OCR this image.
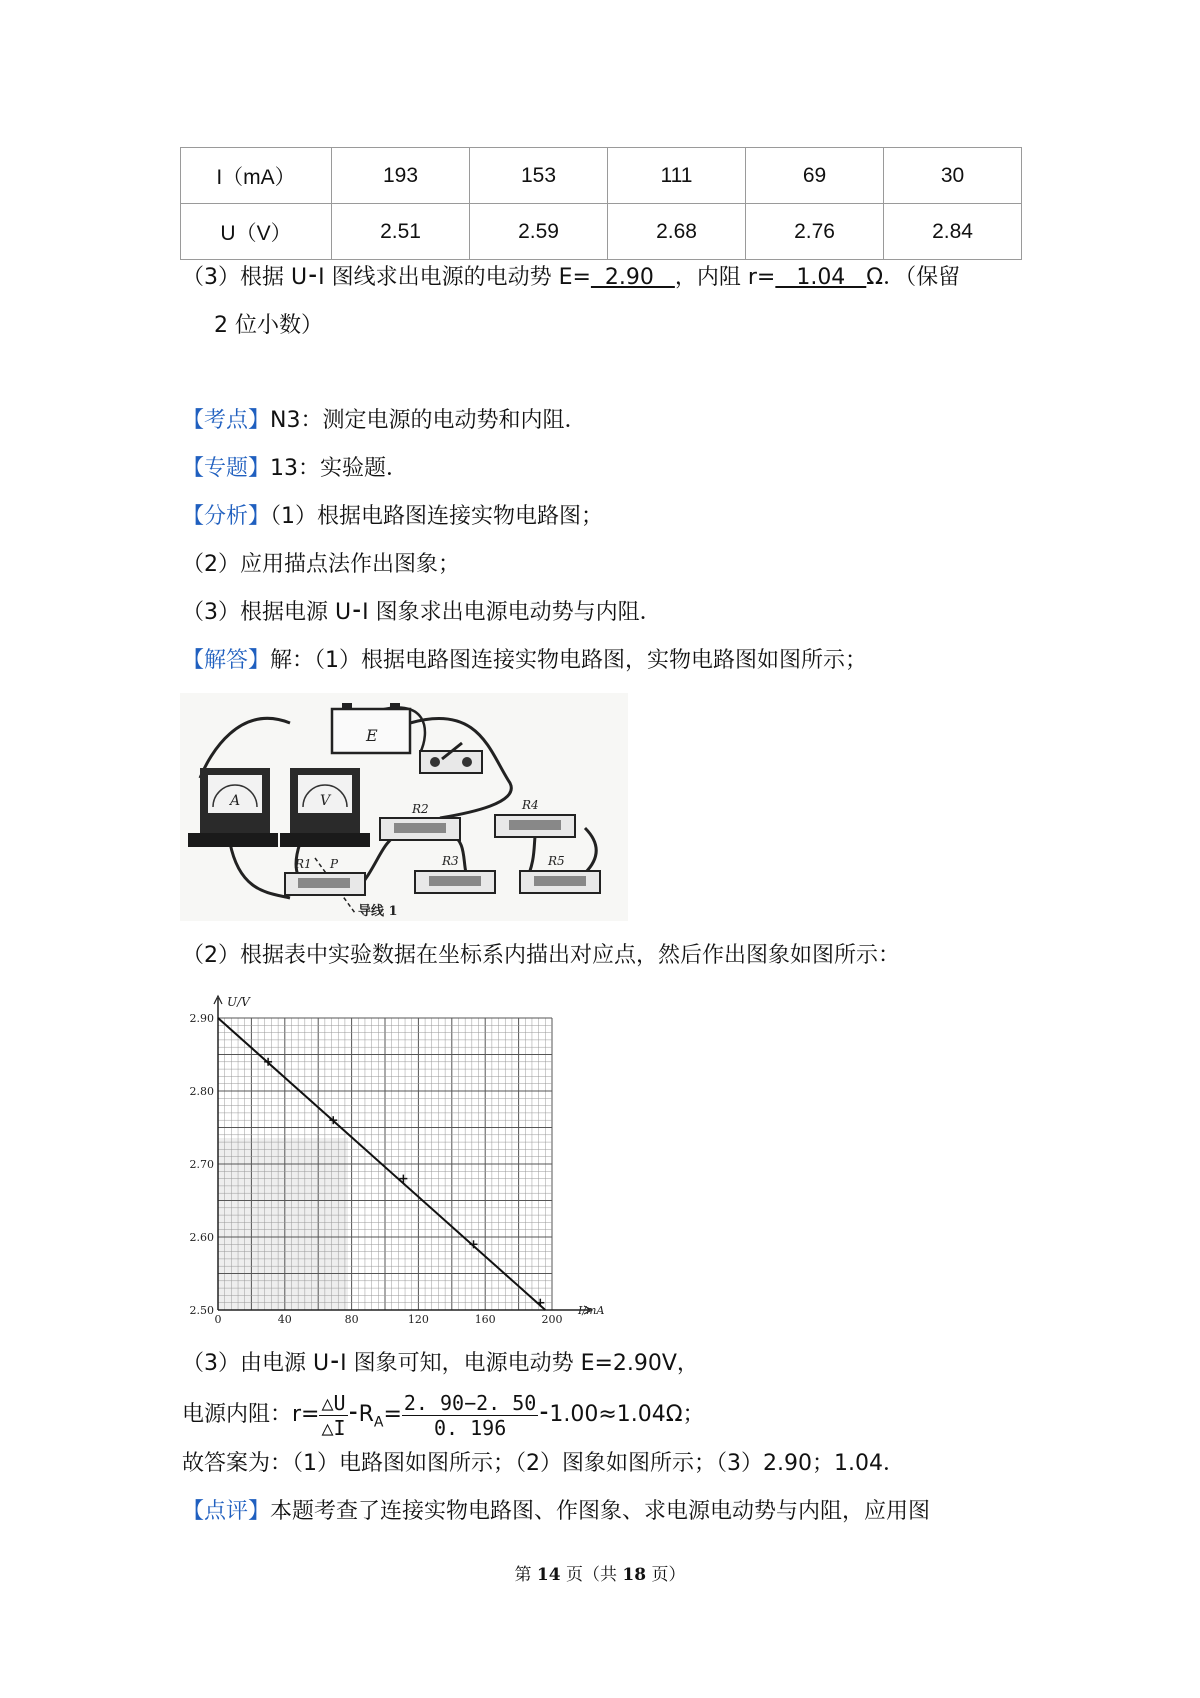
I（mA）	193	153	111	69	30
U（V）	2.51	2.59	2.68	2.76	2.84
（3）根据 U﻿⁃I 图线求出电源的电动势 E=  2.90   ，内阻 r=   1.04   Ω．（保留
2 位小数）
【考点】N3：测定电源的电动势和内阻．
【专题】13：实验题．
【分析】（1）根据电路图连接实物电路图；
（2）应用描点法作出图象；
（3）根据电源 U﻿⁃I 图象求出电源电动势与内阻．
【解答】解：（1）根据电路图连接实物电路图，实物电路图如图所示；
E
A	V
R1 P
R2
R3
R4
R5
导线 1
（2）根据表中实验数据在坐标系内描出对应点，然后作出图象如图所示：
0	40	80	120	160	200
2.90
2.80
2.70
2.60
2.50
U/V
I/mA
（3）由电源 U﻿⁃I 图象可知，电源电动势 E=2.90V，
电源内阻：$r= \frac{\triangle U}{\triangle I}$ $﻿⁃R_A= \frac{2. 90-2. 50}{0. 196}$ ﻿⁃1.00≈1.04Ω；
故答案为：（1）电路图如图所示；（2）图象如图所示；（3）2.90；1.04．
【点评】本题考查了连接实物电路图、作图象、求电源电动势与内阻，应用图
第 14 页（共 18 页）
